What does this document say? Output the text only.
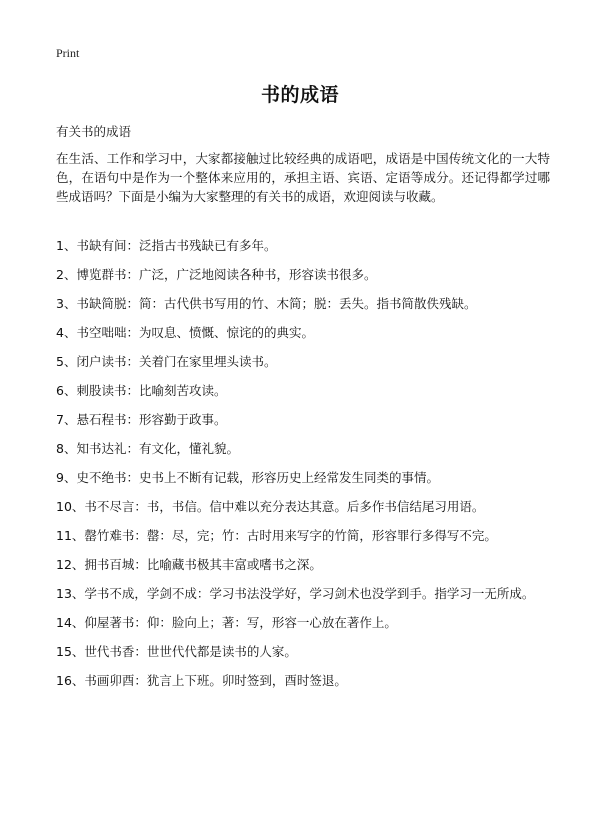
Print
书的成语

有关书的成语

在生活、工作和学习中，大家都接触过比较经典的成语吧，成语是中国传统文化的一大特色，在语句中是作为一个整体来应用的，承担主语、宾语、定语等成分。还记得都学过哪些成语吗？下面是小编为大家整理的有关书的成语，欢迎阅读与收藏。

1、书缺有间：泛指古书残缺已有多年。
2、博览群书：广泛，广泛地阅读各种书，形容读书很多。
3、书缺简脱：简：古代供书写用的竹、木简；脱：丢失。指书简散佚残缺。
4、书空咄咄：为叹息、愤慨、惊诧的的典实。
5、闭户读书：关着门在家里埋头读书。
6、刺股读书：比喻刻苦攻读。
7、悬石程书：形容勤于政事。
8、知书达礼：有文化，懂礼貌。
9、史不绝书：史书上不断有记载，形容历史上经常发生同类的事情。
10、书不尽言：书，书信。信中难以充分表达其意。后多作书信结尾习用语。
11、罄竹难书：罄：尽，完；竹：古时用来写字的竹简，形容罪行多得写不完。
12、拥书百城：比喻藏书极其丰富或嗜书之深。
13、学书不成，学剑不成：学习书法没学好，学习剑术也没学到手。指学习一无所成。
14、仰屋著书：仰：脸向上；著：写，形容一心放在著作上。
15、世代书香：世世代代都是读书的人家。
16、书画卯酉：犹言上下班。卯时签到，酉时签退。
